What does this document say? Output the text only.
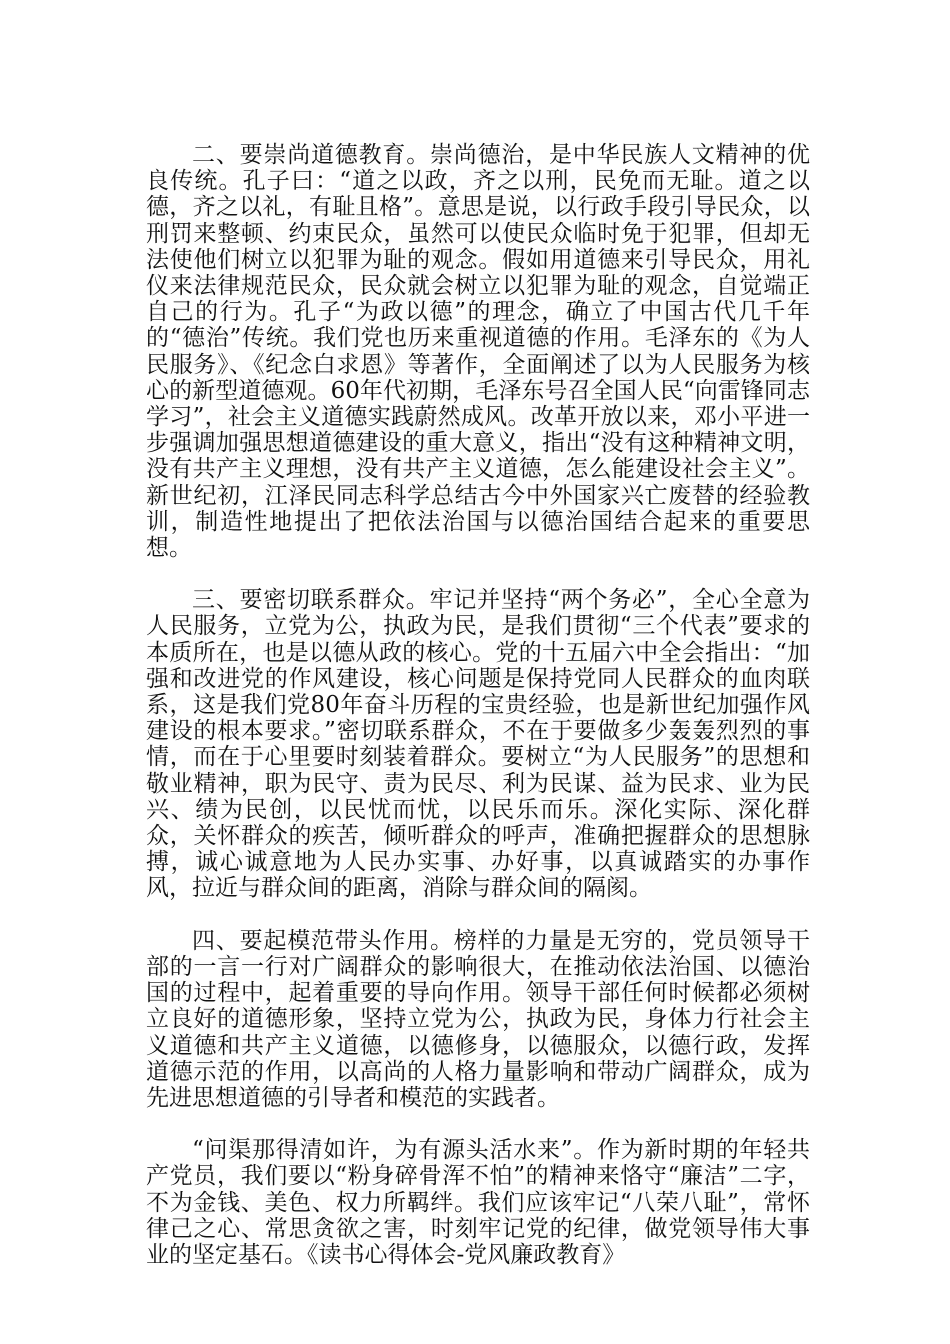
二、要崇尚道德教育。崇尚德治，是中华民族人文精神的优良传统。孔子曰：“道之以政，齐之以刑，民免而无耻。道之以德，齐之以礼，有耻且格”。意思是说，以行政手段引导民众，以刑罚来整顿、约束民众，虽然可以使民众临时免于犯罪，但却无法使他们树立以犯罪为耻的观念。假如用道德来引导民众，用礼仪来法律规范民众，民众就会树立以犯罪为耻的观念，自觉端正自己的行为。孔子“为政以德”的理念，确立了中国古代几千年的“德治”传统。我们党也历来重视道德的作用。毛泽东的《为人民服务》、《纪念白求恩》等著作，全面阐述了以为人民服务为核心的新型道德观。60年代初期，毛泽东号召全国人民“向雷锋同志学习”，社会主义道德实践蔚然成风。改革开放以来，邓小平进一步强调加强思想道德建设的重大意义，指出“没有这种精神文明，没有共产主义理想，没有共产主义道德，怎么能建设社会主义”。新世纪初，江泽民同志科学总结古今中外国家兴亡废替的经验教训，制造性地提出了把依法治国与以德治国结合起来的重要思想。

三、要密切联系群众。牢记并坚持“两个务必”，全心全意为人民服务，立党为公，执政为民，是我们贯彻“三个代表”要求的本质所在，也是以德从政的核心。党的十五届六中全会指出：“加强和改进党的作风建设，核心问题是保持党同人民群众的血肉联系，这是我们党80年奋斗历程的宝贵经验，也是新世纪加强作风建设的根本要求。”密切联系群众，不在于要做多少轰轰烈烈的事情，而在于心里要时刻装着群众。要树立“为人民服务”的思想和敬业精神，职为民守、责为民尽、利为民谋、益为民求、业为民兴、绩为民创，以民忧而忧，以民乐而乐。深化实际、深化群众，关怀群众的疾苦，倾听群众的呼声，准确把握群众的思想脉搏，诚心诚意地为人民办实事、办好事，以真诚踏实的办事作风，拉近与群众间的距离，消除与群众间的隔阂。

四、要起模范带头作用。榜样的力量是无穷的，党员领导干部的一言一行对广阔群众的影响很大，在推动依法治国、以德治国的过程中，起着重要的导向作用。领导干部任何时候都必须树立良好的道德形象，坚持立党为公，执政为民，身体力行社会主义道德和共产主义道德，以德修身，以德服众，以德行政，发挥道德示范的作用，以高尚的人格力量影响和带动广阔群众，成为先进思想道德的引导者和模范的实践者。

“问渠那得清如许，为有源头活水来”。作为新时期的年轻共产党员，我们要以“粉身碎骨浑不怕”的精神来恪守“廉洁”二字，不为金钱、美色、权力所羁绊。我们应该牢记“八荣八耻”，常怀律己之心、常思贪欲之害，时刻牢记党的纪律，做党领导伟大事业的坚定基石。《读书心得体会-党风廉政教育》
